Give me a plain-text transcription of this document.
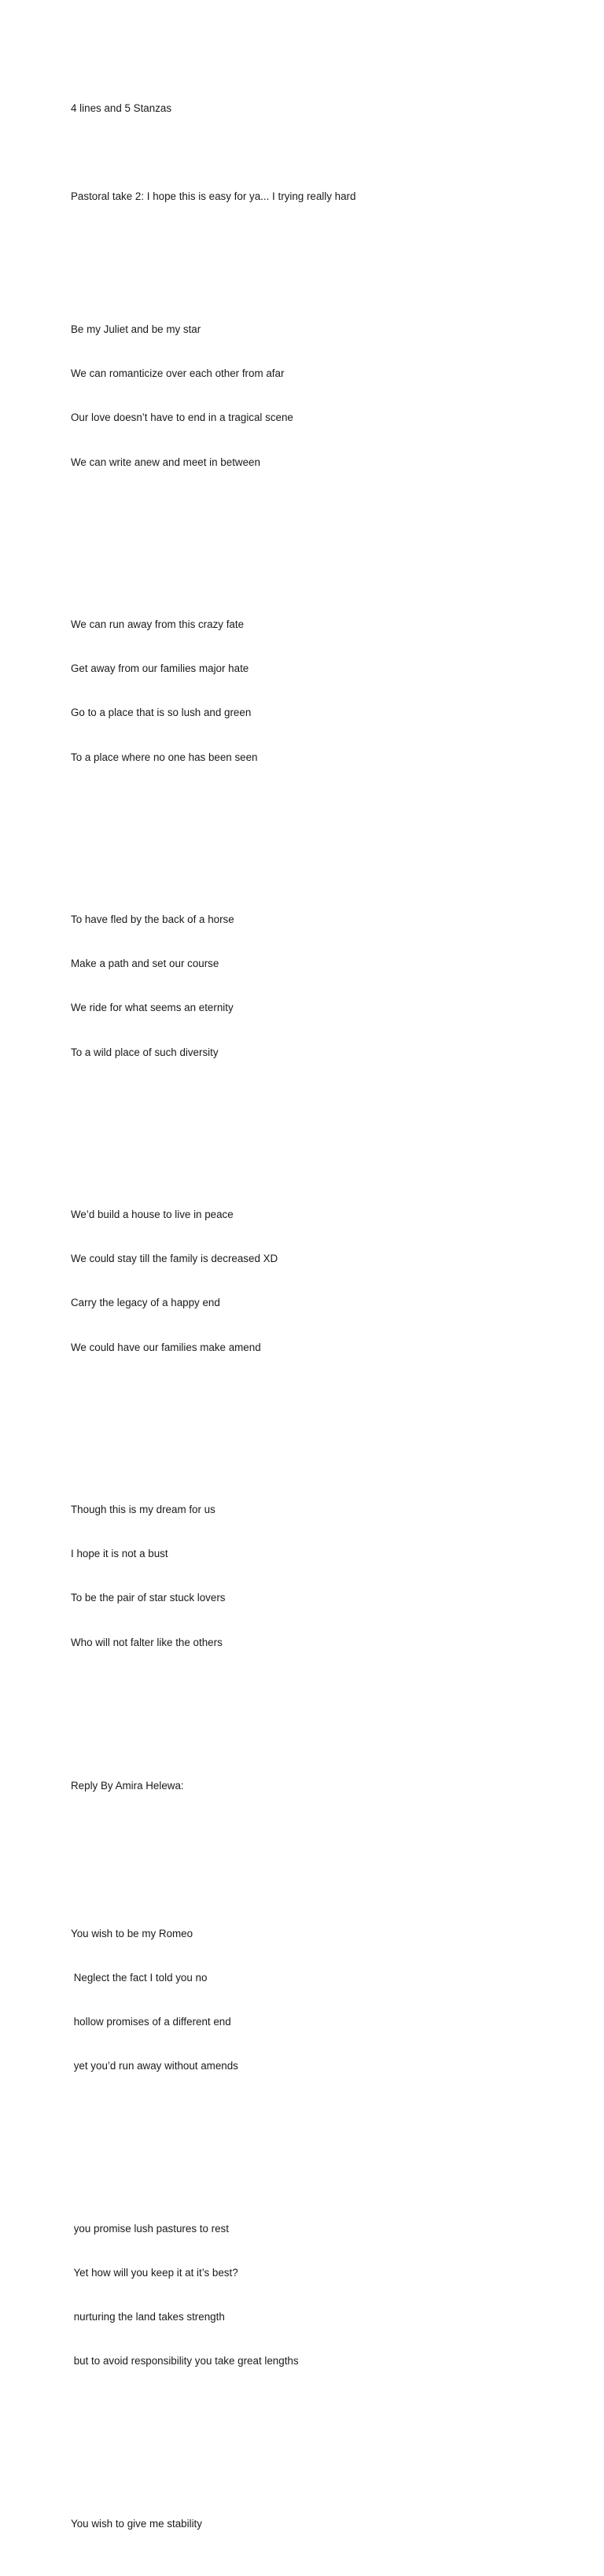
4 lines and 5 Stanzas

Pastoral take 2: I hope this is easy for ya... I trying really hard

Be my Juliet and be my star

We can romanticize over each other from afar

Our love doesn’t have to end in a tragical scene

We can write anew and meet in between

We can run away from this crazy fate

Get away from our families major hate

Go to a place that is so lush and green

To a place where no one has been seen

To have fled by the back of a horse

Make a path and set our course

We ride for what seems an eternity

To a wild place of such diversity

We’d build a house to live in peace

We could stay till the family is decreased XD

Carry the legacy of a happy end

We could have our families make amend

Though this is my dream for us

I hope it is not a bust

To be the pair of star stuck lovers

Who will not falter like the others

Reply By Amira Helewa:

You wish to be my Romeo

Neglect the fact I told you no

hollow promises of a different end

yet you’d run away without amends

you promise lush pastures to rest

Yet how will you keep it at it’s best?

nurturing the land takes strength

but to avoid responsibility you take great lengths

You wish to give me stability
